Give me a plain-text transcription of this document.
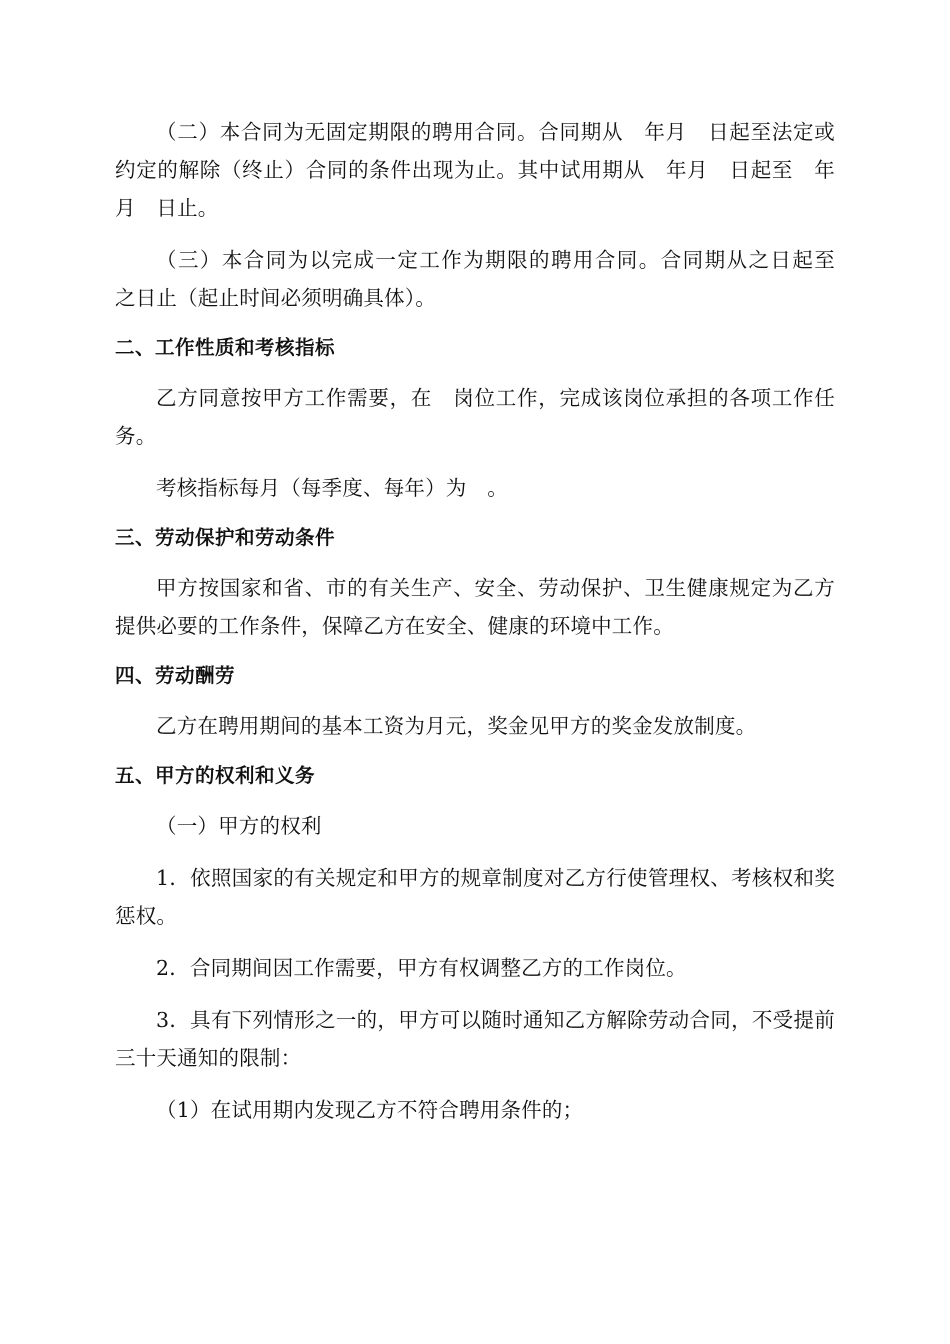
（二）本合同为无固定期限的聘用合同。合同期从　年月　日起至法定或约定的解除（终止）合同的条件出现为止。其中试用期从　年月　日起至　年月　日止。

（三）本合同为以完成一定工作为期限的聘用合同。合同期从之日起至　之日止（起止时间必须明确具体）。

二、工作性质和考核指标

乙方同意按甲方工作需要，在　岗位工作，完成该岗位承担的各项工作任务。

考核指标每月（每季度、每年）为　。

三、劳动保护和劳动条件

甲方按国家和省、市的有关生产、安全、劳动保护、卫生健康规定为乙方提供必要的工作条件，保障乙方在安全、健康的环境中工作。

四、劳动酬劳

乙方在聘用期间的基本工资为月元，奖金见甲方的奖金发放制度。

五、甲方的权利和义务

（一）甲方的权利

1．依照国家的有关规定和甲方的规章制度对乙方行使管理权、考核权和奖惩权。

2．合同期间因工作需要，甲方有权调整乙方的工作岗位。

3．具有下列情形之一的，甲方可以随时通知乙方解除劳动合同，不受提前三十天通知的限制：

（1）在试用期内发现乙方不符合聘用条件的；
